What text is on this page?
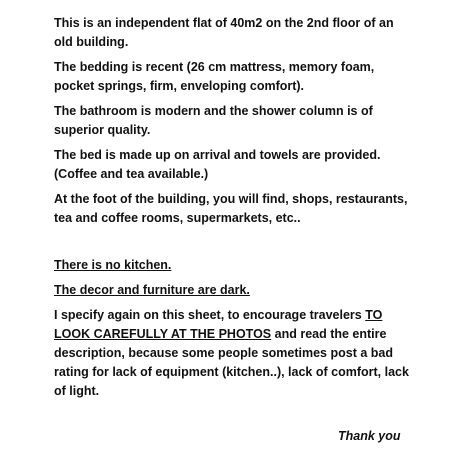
This is an independent flat of 40m2 on the 2nd floor of an old building.

The bedding is recent (26 cm mattress, memory foam, pocket springs, firm, enveloping comfort).

The bathroom is modern and the shower column is of superior quality.

The bed is made up on arrival and towels are provided. (Coffee and tea available.)

At the foot of the building, you will find, shops, restaurants, tea and coffee rooms, supermarkets, etc..

There is no kitchen.

The decor and furniture are dark.

I specify again on this sheet, to encourage travelers TO LOOK CAREFULLY AT THE PHOTOS and read the entire description, because some people sometimes post a bad rating for lack of equipment (kitchen..), lack of comfort, lack of light.

Thank you
